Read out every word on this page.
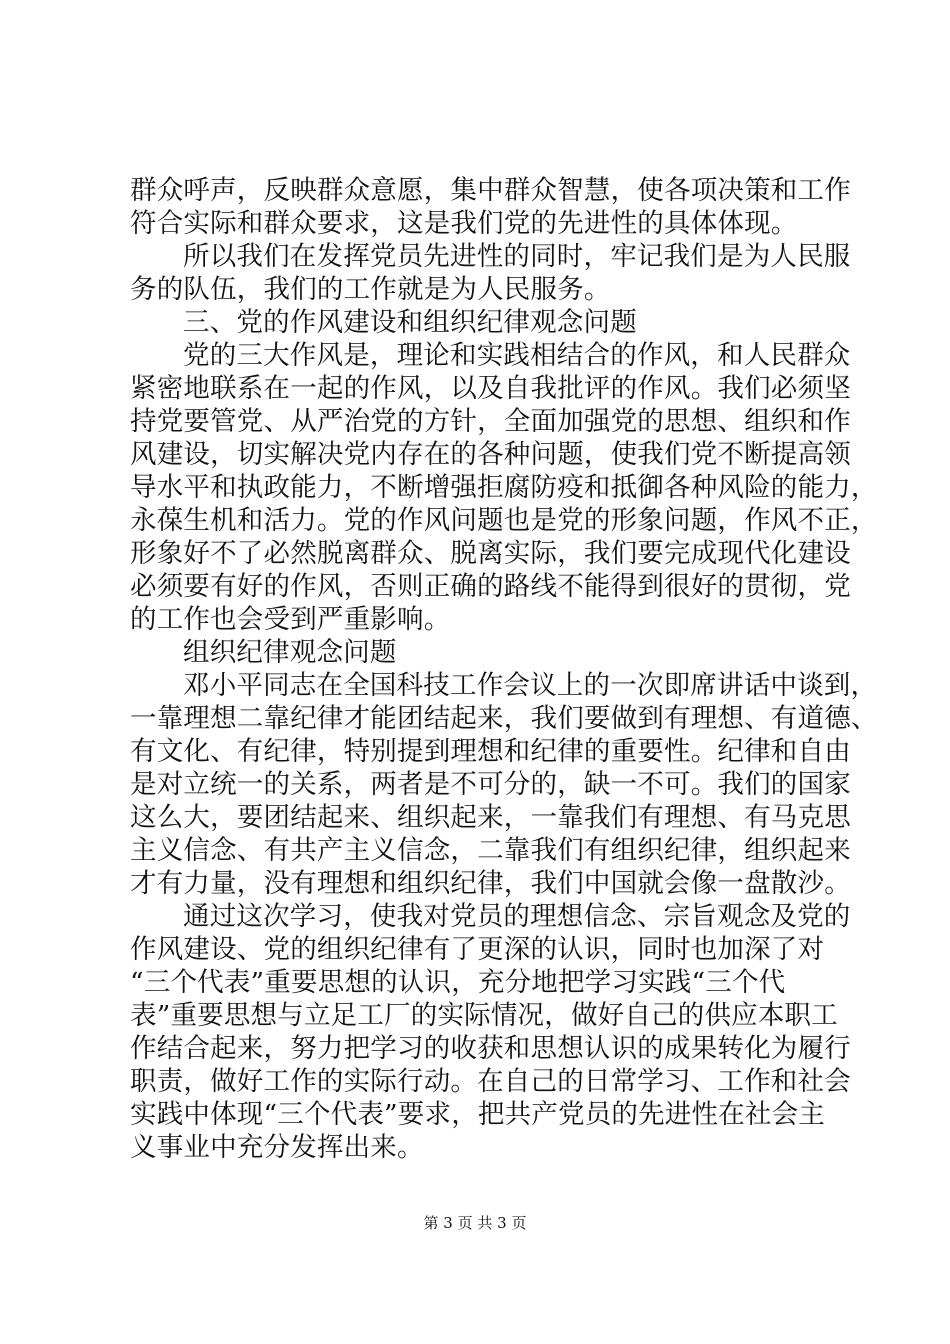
群众呼声，反映群众意愿，集中群众智慧，使各项决策和工作
符合实际和群众要求，这是我们党的先进性的具体体现。
所以我们在发挥党员先进性的同时，牢记我们是为人民服
务的队伍，我们的工作就是为人民服务。
三、党的作风建设和组织纪律观念问题
党的三大作风是，理论和实践相结合的作风，和人民群众
紧密地联系在一起的作风，以及自我批评的作风。我们必须坚
持党要管党、从严治党的方针，全面加强党的思想、组织和作
风建设，切实解决党内存在的各种问题，使我们党不断提高领
导水平和执政能力，不断增强拒腐防疫和抵御各种风险的能力，
永葆生机和活力。党的作风问题也是党的形象问题，作风不正，
形象好不了必然脱离群众、脱离实际，我们要完成现代化建设
必须要有好的作风，否则正确的路线不能得到很好的贯彻，党
的工作也会受到严重影响。
组织纪律观念问题
邓小平同志在全国科技工作会议上的一次即席讲话中谈到，
一靠理想二靠纪律才能团结起来，我们要做到有理想、有道德、
有文化、有纪律，特别提到理想和纪律的重要性。纪律和自由
是对立统一的关系，两者是不可分的，缺一不可。我们的国家
这么大，要团结起来、组织起来，一靠我们有理想、有马克思
主义信念、有共产主义信念，二靠我们有组织纪律，组织起来
才有力量，没有理想和组织纪律，我们中国就会像一盘散沙。
通过这次学习，使我对党员的理想信念、宗旨观念及党的
作风建设、党的组织纪律有了更深的认识，同时也加深了对
“三个代表”重要思想的认识，充分地把学习实践“三个代
表”重要思想与立足工厂的实际情况，做好自己的供应本职工
作结合起来，努力把学习的收获和思想认识的成果转化为履行
职责，做好工作的实际行动。在自己的日常学习、工作和社会
实践中体现“三个代表”要求，把共产党员的先进性在社会主
义事业中充分发挥出来。
第 3 页 共 3 页
